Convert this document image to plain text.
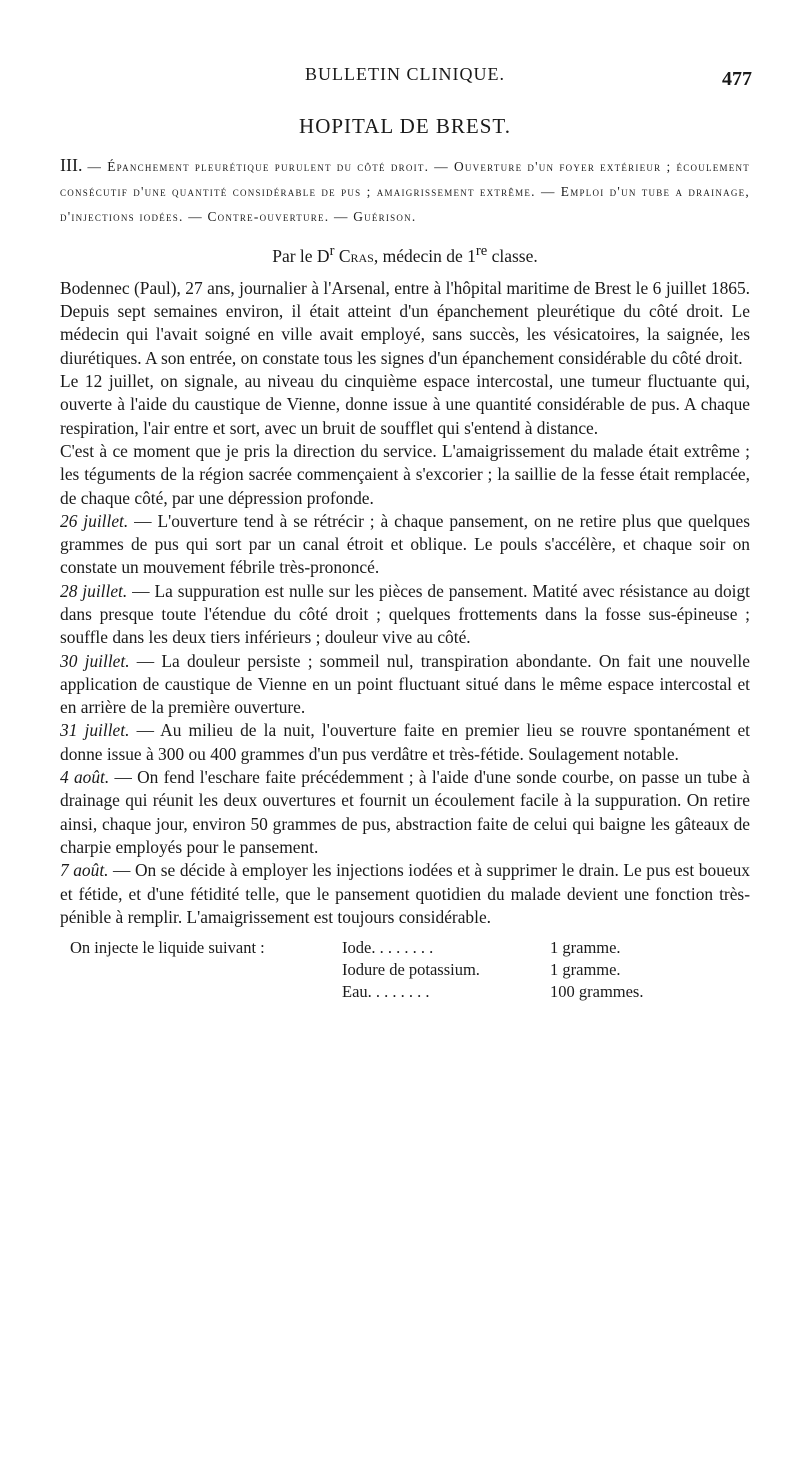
BULLETIN CLINIQUE.	477
HOPITAL DE BREST.

III. — Épanchement pleurétique purulent du côté droit. — Ouverture d'un foyer extérieur ; écoulement consécutif d'une quantité considérable de pus ; amaigrissement extrême. — Emploi d'un tube a drainage, d'injections iodées. — Contre-ouverture. — Guérison.

Par le $D^r$ Cras, médecin de 1re classe.

Bodennec (Paul), 27 ans, journalier à l'Arsenal, entre à l'hôpital maritime de Brest le 6 juillet 1865. Depuis sept semaines environ, il était atteint d'un épanchement pleurétique du côté droit. Le médecin qui l'avait soigné en ville avait employé, sans succès, les vésicatoires, la saignée, les diurétiques. A son entrée, on constate tous les signes d'un épanchement considérable du côté droit.

Le 12 juillet, on signale, au niveau du cinquième espace intercostal, une tumeur fluctuante qui, ouverte à l'aide du caustique de Vienne, donne issue à une quantité considérable de pus. A chaque respiration, l'air entre et sort, avec un bruit de soufflet qui s'entend à distance.

C'est à ce moment que je pris la direction du service. L'amaigrissement du malade était extrême ; les téguments de la région sacrée commençaient à s'excorier ; la saillie de la fesse était remplacée, de chaque côté, par une dépression profonde.

26 juillet. — L'ouverture tend à se rétrécir ; à chaque pansement, on ne retire plus que quelques grammes de pus qui sort par un canal étroit et oblique. Le pouls s'accélère, et chaque soir on constate un mouvement fébrile très-prononcé.

28 juillet. — La suppuration est nulle sur les pièces de pansement. Matité avec résistance au doigt dans presque toute l'étendue du côté droit ; quelques frottements dans la fosse sus-épineuse ; souffle dans les deux tiers inférieurs ; douleur vive au côté.

30 juillet. — La douleur persiste ; sommeil nul, transpiration abondante. On fait une nouvelle application de caustique de Vienne en un point fluctuant situé dans le même espace intercostal et en arrière de la première ouverture.

31 juillet. — Au milieu de la nuit, l'ouverture faite en premier lieu se rouvre spontanément et donne issue à 300 ou 400 grammes d'un pus verdâtre et très-fétide. Soulagement notable.

4 août. — On fend l'eschare faite précédemment ; à l'aide d'une sonde courbe, on passe un tube à drainage qui réunit les deux ouvertures et fournit un écoulement facile à la suppuration. On retire ainsi, chaque jour, environ 50 grammes de pus, abstraction faite de celui qui baigne les gâteaux de charpie employés pour le pansement.

7 août. — On se décide à employer les injections iodées et à supprimer le drain. Le pus est boueux et fétide, et d'une fétidité telle, que le pansement quotidien du malade devient une fonction très-pénible à remplir. L'amaigrissement est toujours considérable.

On injecte le liquide suivant :	Iode. . . . . . . .	1 gramme.
Iodure de potassium.	1 gramme.
Eau. . . . . . . .	100 grammes.
